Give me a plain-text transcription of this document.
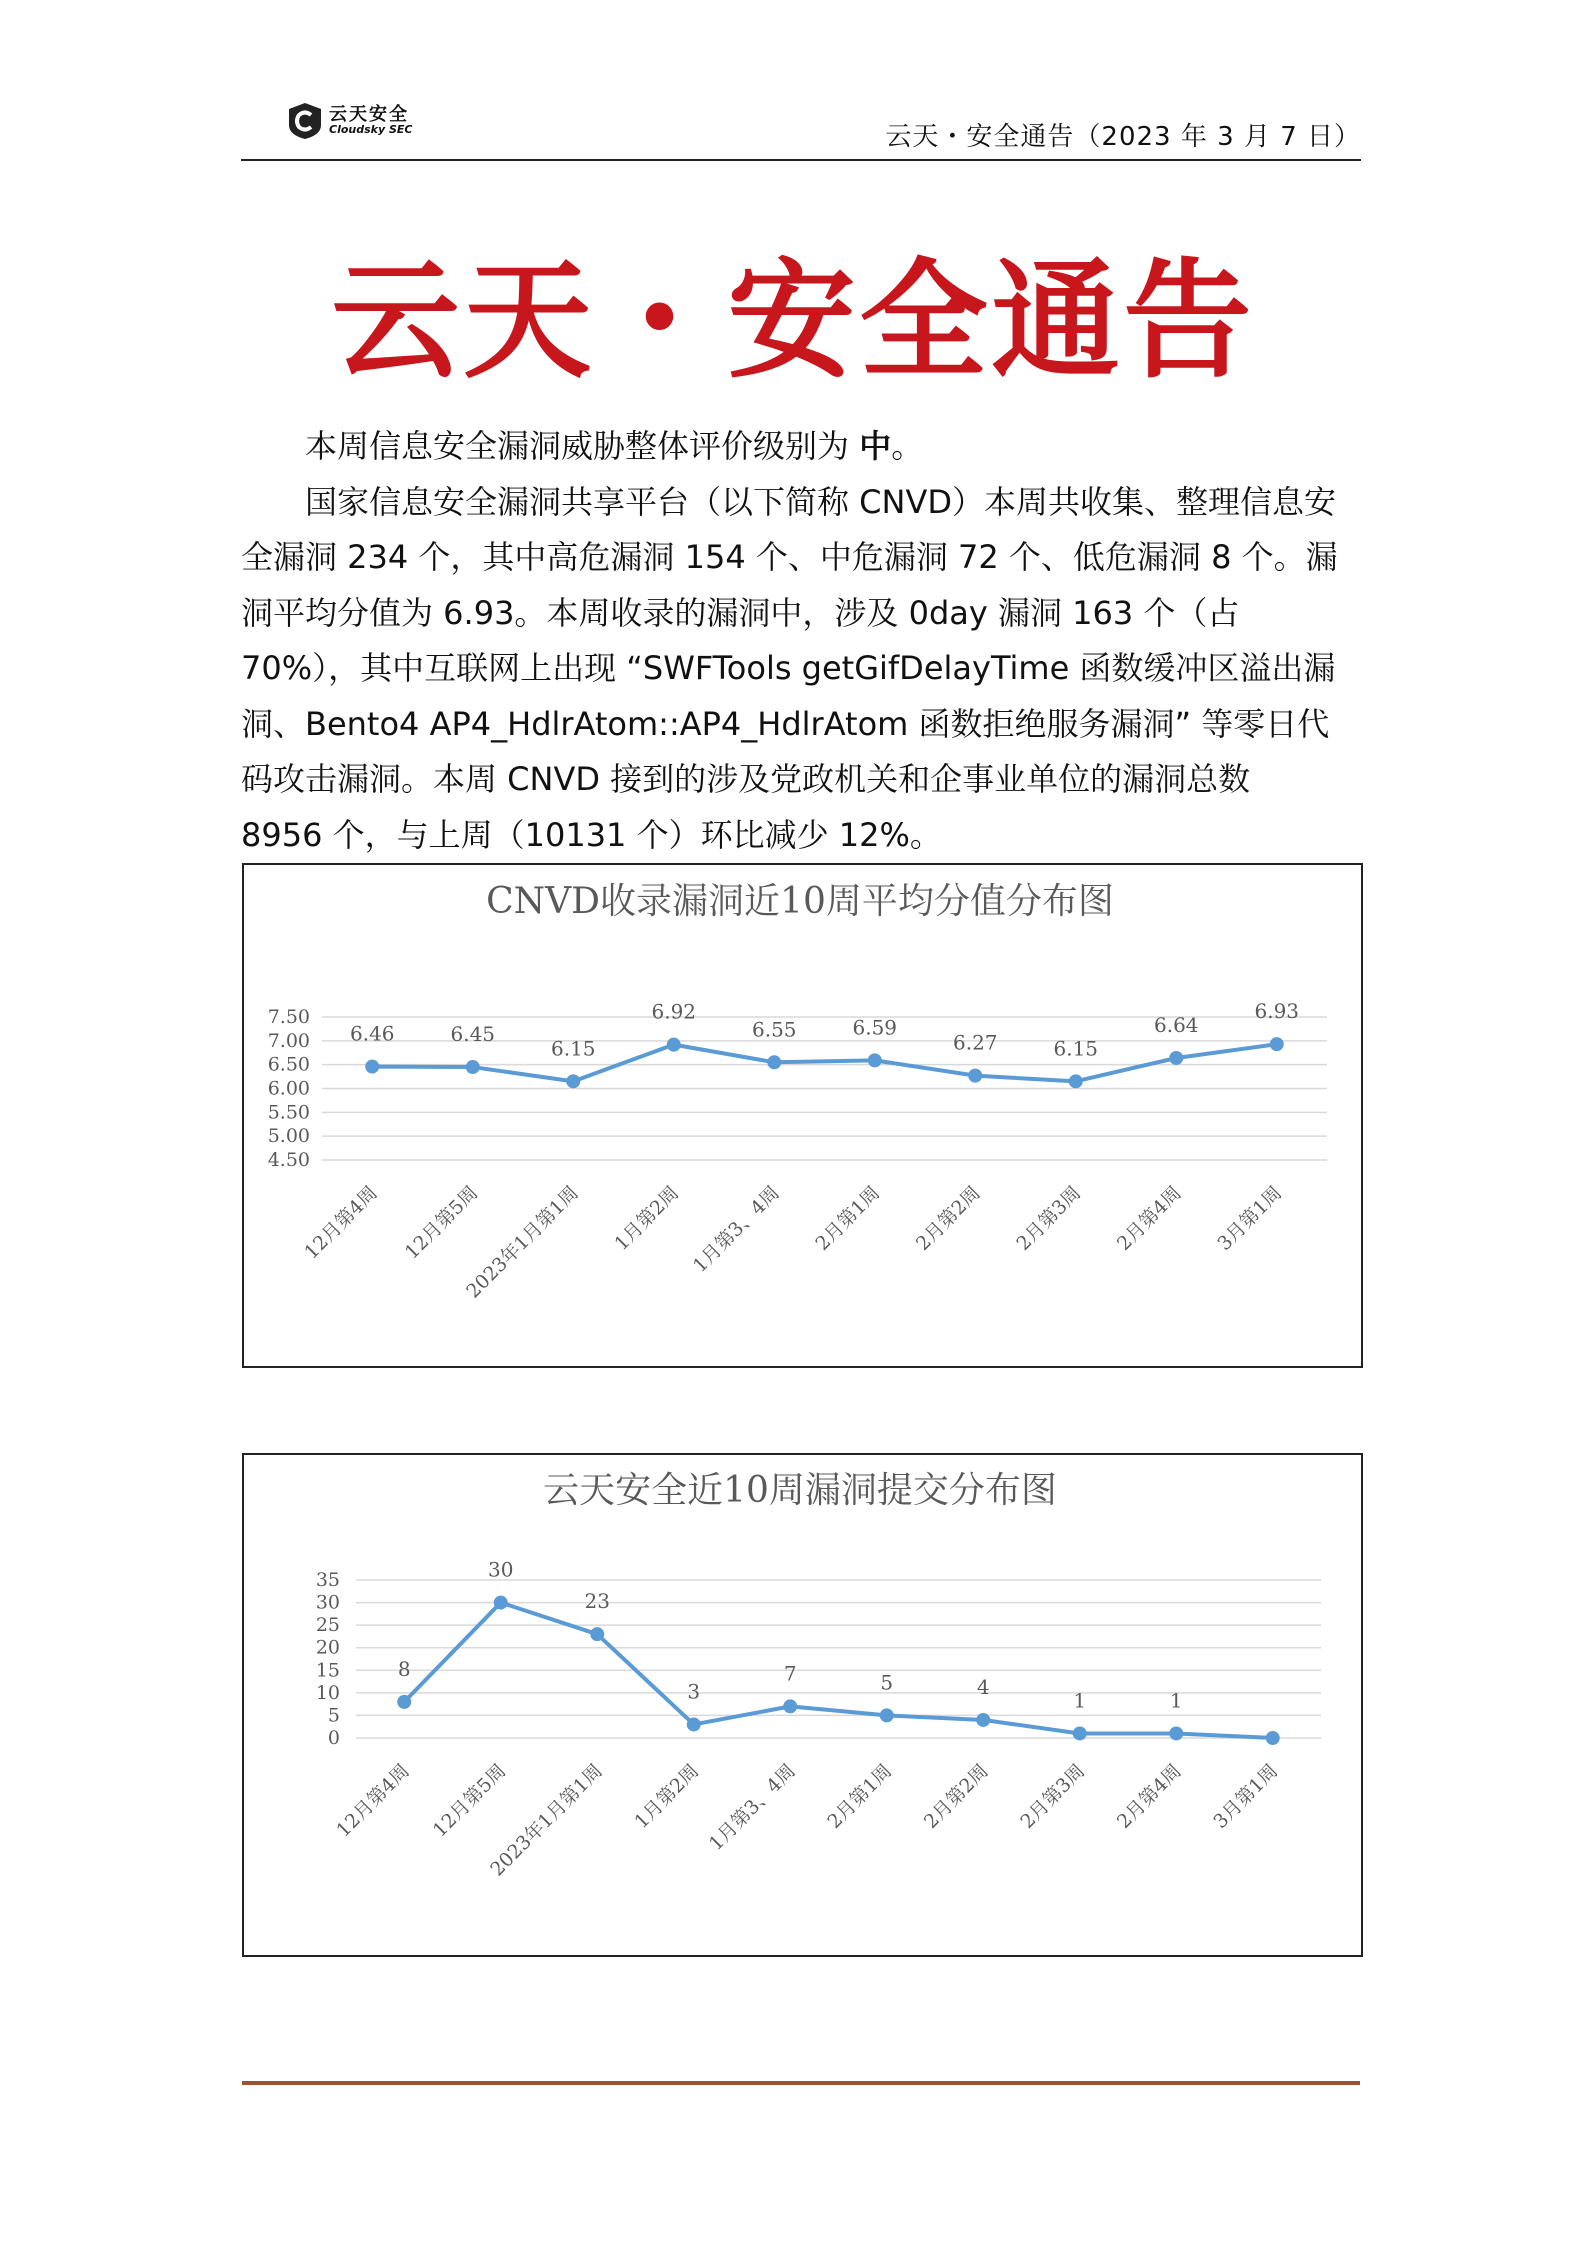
云天安全
Cloudsky SEC	云天・安全通告（2023 年 3 月 7 日）
云天・安全通告

本周信息安全漏洞威胁整体评价级别为 中。

国家信息安全漏洞共享平台（以下简称 CNVD）本周共收集、整理信息安全漏洞 234 个，其中高危漏洞 154 个、中危漏洞 72 个、低危漏洞 8 个。漏洞平均分值为 6.93。本周收录的漏洞中，涉及 0day 漏洞 163 个（占 70%），其中互联网上出现 “SWFTools getGifDelayTime 函数缓冲区溢出漏洞、Bento4 AP4_HdlrAtom::AP4_HdlrAtom 函数拒绝服务漏洞” 等零日代码攻击漏洞。本周 CNVD 接到的涉及党政机关和企事业单位的漏洞总数 8956 个，与上周（10131 个）环比减少 12%。

CNVD收录漏洞近10周平均分值分布图
7.50
7.00
6.50
6.00
5.50
5.00
4.50
6.46
12月第4周
6.45
12月第5周
6.15
2023年1月第1周
6.92
1月第2周
6.55
1月第3、4周
6.59
2月第1周
6.27
2月第2周
6.15
2月第3周
6.64
2月第4周
6.93
3月第1周
云天安全近10周漏洞提交分布图
35
30
25
20
15
10
5
0
8
12月第4周
30
12月第5周
23
2023年1月第1周
3
1月第2周
7
1月第3、4周
5
2月第1周
4
2月第2周
1
2月第3周
1
2月第4周 3月第1周
